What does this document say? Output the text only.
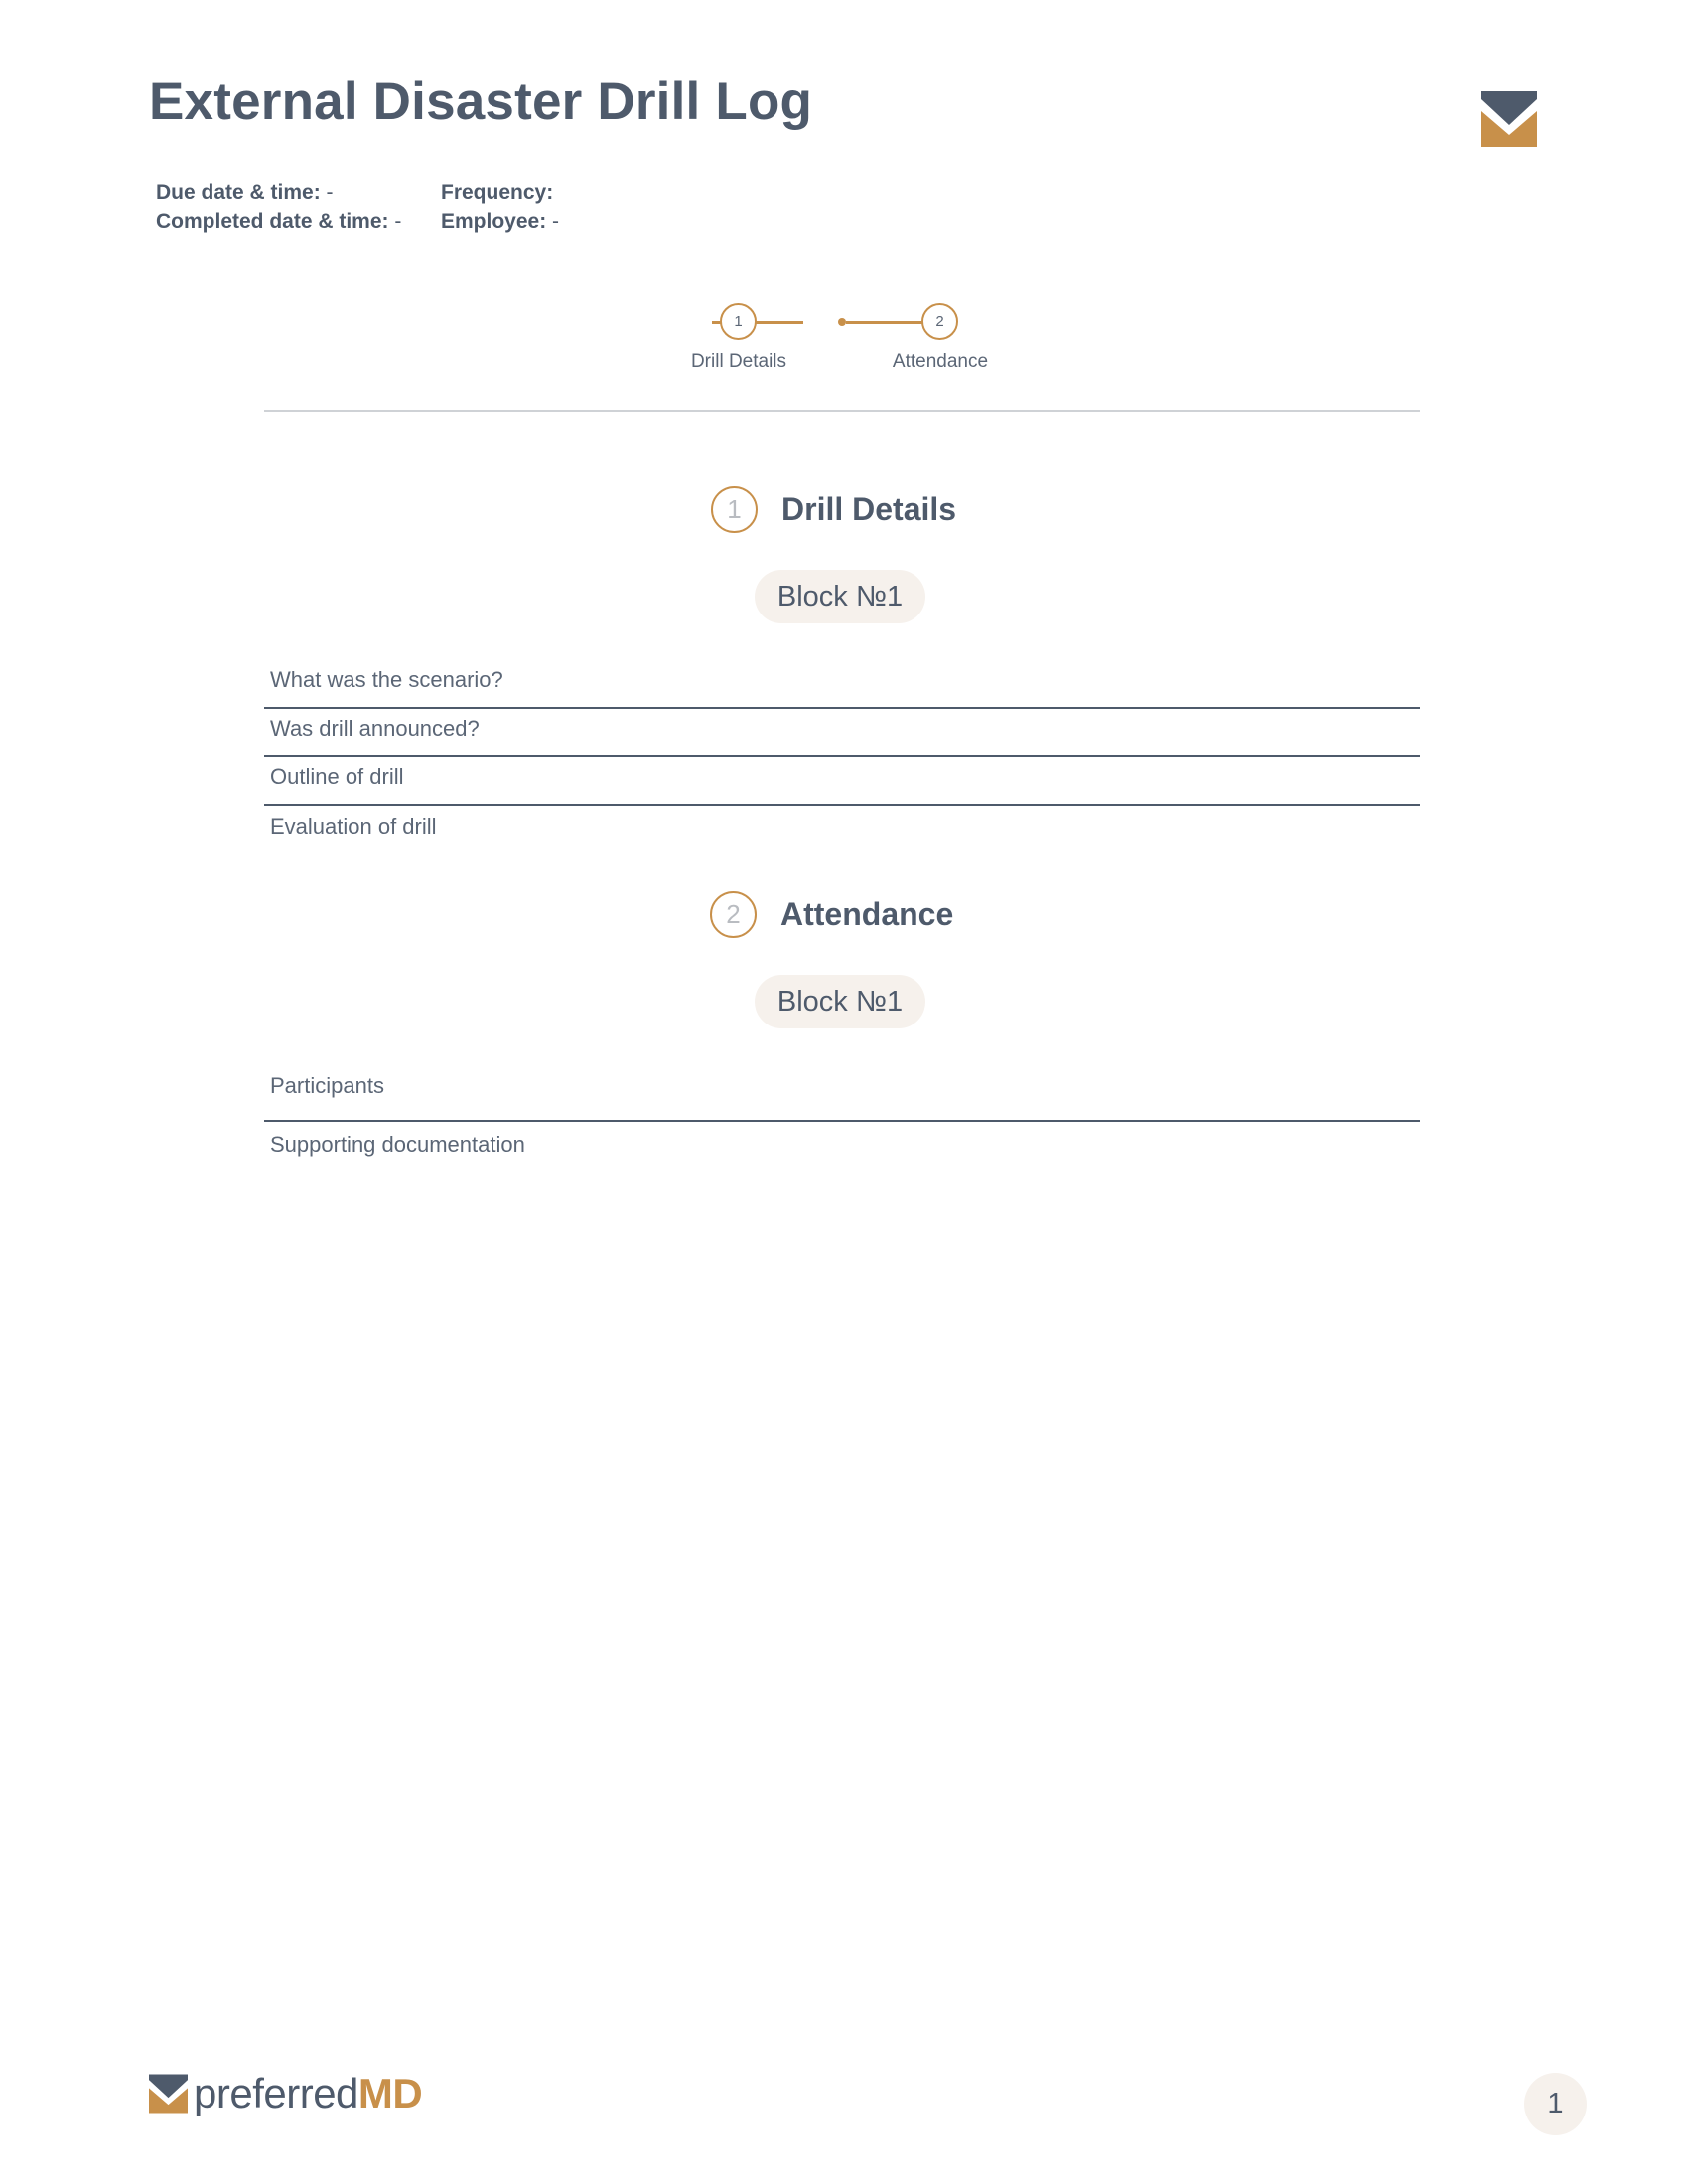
External Disaster Drill Log
Due date & time: -
Completed date & time: -
Frequency:
Employee: -
1	2
Drill Details	Attendance
1	Drill Details
Block №1
What was the scenario?
Was drill announced?
Outline of drill
Evaluation of drill
2	Attendance
Block №1
Participants
Supporting documentation
preferredMD	1
